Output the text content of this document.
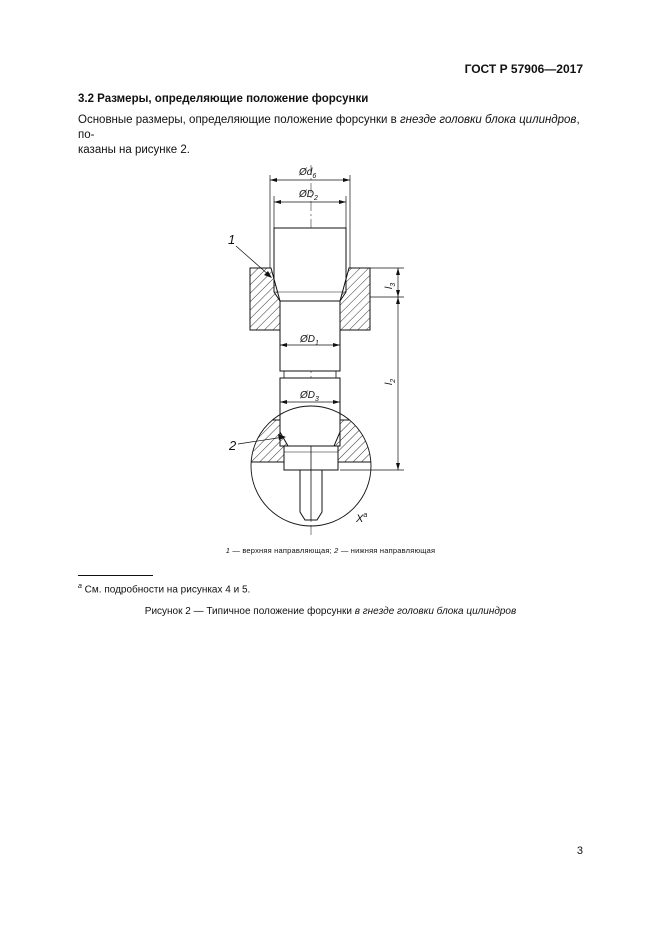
ГОСТ Р 57906—2017
3.2 Размеры, определяющие положение форсунки
Основные размеры, определяющие положение форсунки в гнезде головки блока цилиндров, по-
казаны на рисунке 2.
$Ød_6$
$ØD_2$
$ØD_1$
$ØD_3$
$l_3$
$l_2$
1
2
$X^a$
1 — верхняя направляющая; 2 — нижняя направляющая
$^a$ См. подробности на рисунках 4 и 5.
Рисунок 2 — Типичное положение форсунки в гнезде головки блока цилиндров
3
